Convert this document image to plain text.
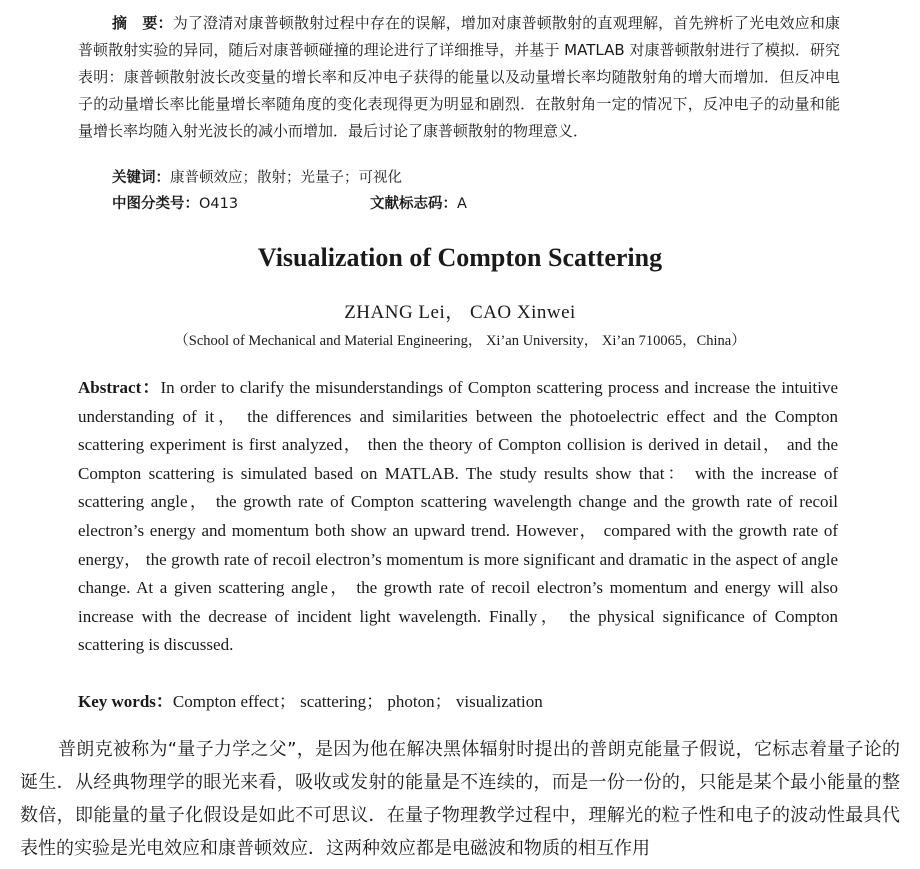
摘　要：为了澄清对康普顿散射过程中存在的误解，增加对康普顿散射的直观理解，首先辨析了光电效应和康普顿散射实验的异同，随后对康普顿碰撞的理论进行了详细推导，并基于 MATLAB 对康普顿散射进行了模拟．研究表明：康普顿散射波长改变量的增长率和反冲电子获得的能量以及动量增长率均随散射角的增大而增加．但反冲电子的动量增长率比能量增长率随角度的变化表现得更为明显和剧烈．在散射角一定的情况下，反冲电子的动量和能量增长率均随入射光波长的减小而增加．最后讨论了康普顿散射的物理意义．

关键词：康普顿效应；散射；光量子；可视化
中图分类号：O413	文献标志码：A
Visualization of Compton Scattering
ZHANG Lei， CAO Xinwei
（School of Mechanical and Material Engineering， Xi’an University， Xi’an 710065，China）

Abstract：In order to clarify the misunderstandings of Compton scattering process and increase the intuitive understanding of it， the differences and similarities between the photoelectric effect and the Compton scattering experiment is first analyzed， then the theory of Compton collision is derived in detail， and the Compton scattering is simulated based on MATLAB. The study results show that： with the increase of scattering angle， the growth rate of Compton scattering wavelength change and the growth rate of recoil electron’s energy and momentum both show an upward trend. However， compared with the growth rate of energy， the growth rate of recoil electron’s momentum is more significant and dramatic in the aspect of angle change. At a given scattering angle， the growth rate of recoil electron’s momentum and energy will also increase with the decrease of incident light wavelength. Finally， the physical significance of Compton scattering is discussed.

Key words：Compton effect； scattering； photon； visualization

普朗克被称为“量子力学之父”，是因为他在解决黑体辐射时提出的普朗克能量子假说，它标志着量子论的诞生．从经典物理学的眼光来看，吸收或发射的能量是不连续的，而是一份一份的，只能是某个最小能量的整数倍，即能量的量子化假设是如此不可思议．在量子物理教学过程中，理解光的粒子性和电子的波动性最具代表性的实验是光电效应和康普顿效应．这两种效应都是电磁波和物质的相互作用
